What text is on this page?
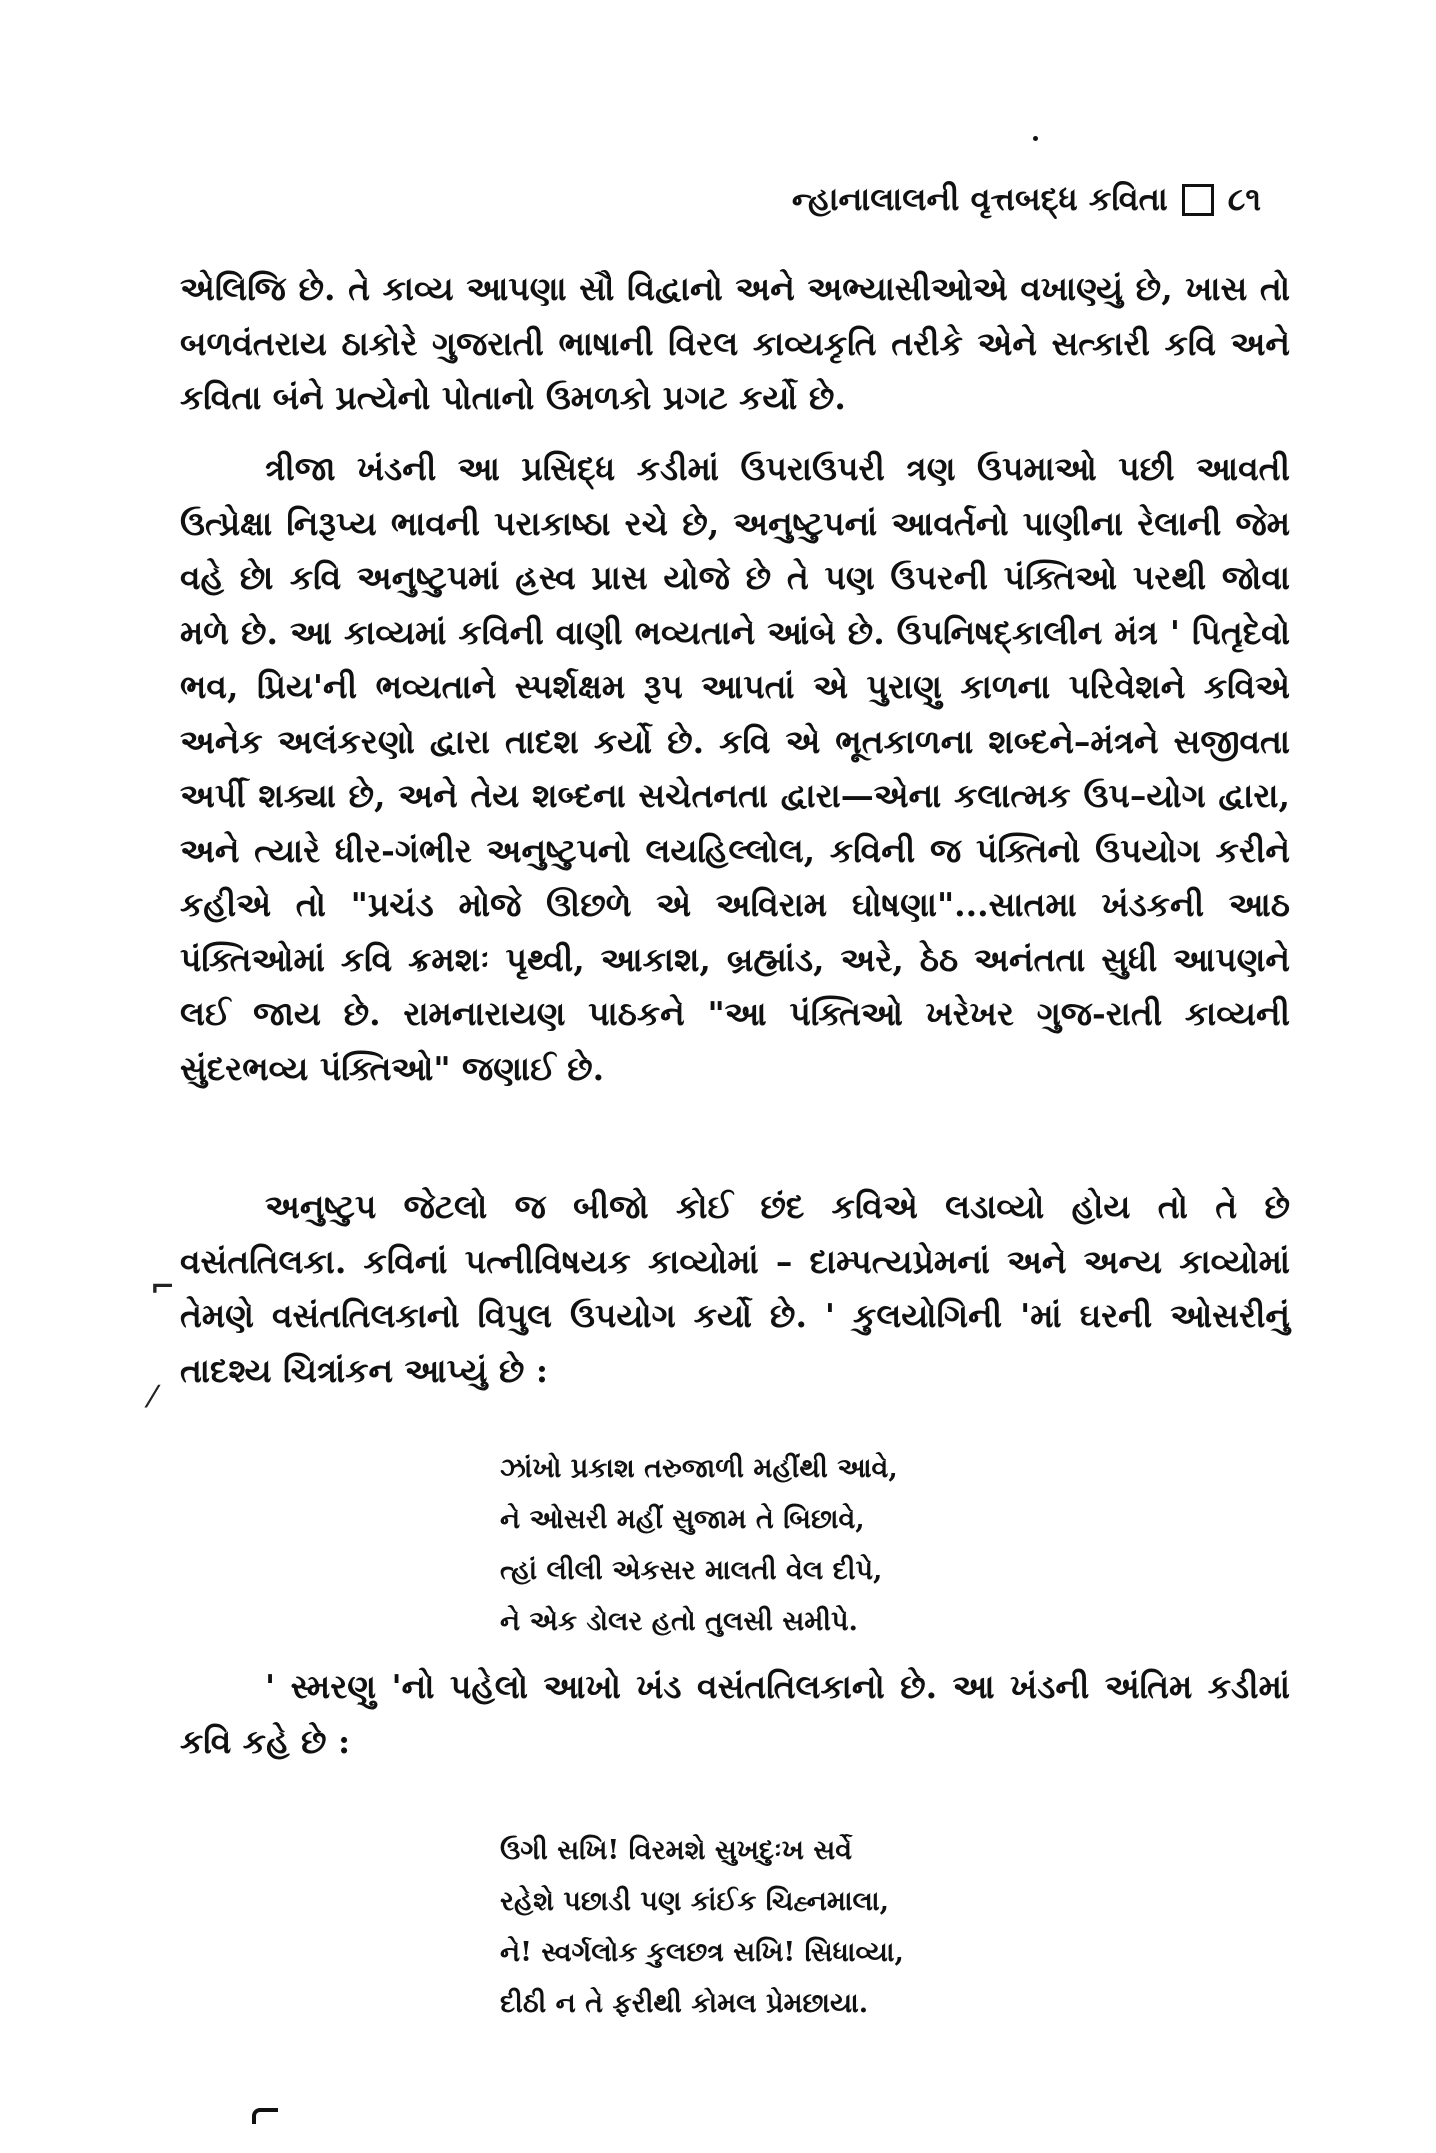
ન્હાનાલાલની વૃત્તબદ્ધ કવિતા ૮૧
એલિજિ છે. તે કાવ્ય આપણા સૌ વિદ્વાનો અને અભ્યાસીઓએ વખાણ્યું છે, ખાસ તો બળવંતરાય ઠાકોરે ગુજરાતી ભાષાની વિરલ કાવ્યકૃતિ તરીકે એને સત્કારી કવિ અને કવિતા બંને પ્રત્યેનો પોતાનો ઉમળકો પ્રગટ કર્યો છે.
ત્રીજા ખંડની આ પ્રસિદ્ધ કડીમાં ઉપરાઉપરી ત્રણ ઉપમાઓ પછી આવતી ઉત્પ્રેક્ષા નિરૂપ્ય ભાવની પરાકાષ્ઠા રચે છે, અનુષ્ટુપનાં આવર્તનો પાણીના રેલાની જેમ વહે છે। કવિ અનુષ્ટુપમાં હ્રસ્વ પ્રાસ યોજે છે તે પણ ઉપરની પંક્તિઓ પરથી જોવા મળે છે. આ કાવ્યમાં કવિની વાણી ભવ્યતાને આંબે છે. ઉપનિષદ્કાલીન મંત્ર ' પિતૃદેવો ભવ, પ્રિય'ની ભવ્યતાને સ્પર્શક્ષમ રૂપ આપતાં એ પુરાણુ કાળના પરિવેશને કવિએ અનેક અલંકરણો દ્વારા તાદશ કર્યો છે. કવિ એ ભૂતકાળના શબ્દને–મંત્રને સજીવતા અર્પી શક્યા છે, અને તેય શબ્દના સચેતનતા દ્વારા—એના કલાત્મક ઉપ–યોગ દ્વારા, અને ત્યારે ધીર-ગંભીર અનુષ્ટુપનો લયહિલ્લોલ, કવિની જ પંક્તિનો ઉપયોગ કરીને કહીએ તો "પ્રચંડ મોજે ઊછળે એ અવિરામ ઘોષણા"...સાતમા ખંડકની આઠ પંક્તિઓમાં કવિ ક્રમશઃ પૃથ્વી, આકાશ, બ્રહ્માંડ, અરે, ઠેઠ અનંતતા સુધી આપણને લઈ જાય છે. રામનારાયણ પાઠકને "આ પંક્તિઓ ખરેખર ગુજ-રાતી કાવ્યની સુંદરભવ્ય પંક્તિઓ" જણાઈ છે.
અનુષ્ટુપ જેટલો જ બીજો કોઈ છંદ કવિએ લડાવ્યો હોય તો તે છે વસંતતિલકા. કવિનાં પત્નીવિષયક કાવ્યોમાં – દામ્પત્યપ્રેમનાં અને અન્ય કાવ્યોમાં તેમણે વસંતતિલકાનો વિપુલ ઉપયોગ કર્યો છે. ' કુલયોગિની 'માં ઘરની ઓસરીનું તાદશ્ય ચિત્રાંકન આપ્યું છે :
⌐
⁄
ઝાંખો પ્રકાશ તરુજાળી મહીંથી આવે,
ને ઓસરી મહીં સુજામ તે બિછાવે,
ત્હાં લીલી એકસર માલતી વેલ દીપે,
ને એક ડોલર હતો તુલસી સમીપે.
' સ્મરણુ 'નો પહેલો આખો ખંડ વસંતતિલકાનો છે. આ ખંડની અંતિમ કડીમાં કવિ કહે છે :
ઉગી સખિ! વિરમશે સુખદુઃખ સર્વે
રહેશે પછાડી પણ કાંઈક ચિહ્નમાલા,
ને! સ્વર્ગલોક કુલછત્ર સખિ! સિધાવ્યા,
દીઠી ન તે ફરીથી કોમલ પ્રેમછાયા.
